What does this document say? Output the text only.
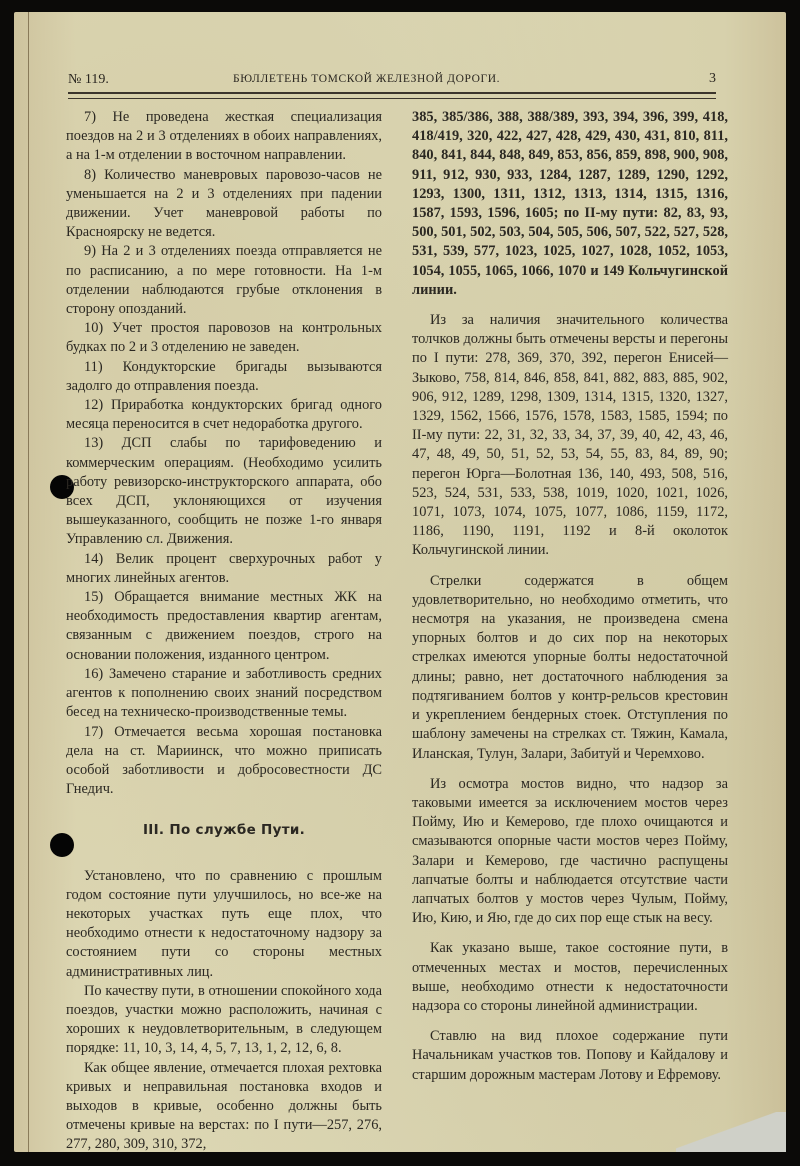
№ 119.	БЮЛЛЕТЕНЬ ТОМСКОЙ ЖЕЛЕЗНОЙ ДОРОГИ.	3

7) Не проведена жесткая специализация поездов на 2 и 3 отделениях в обоих направлениях, а на 1-м отделении в восточном направлении.

8) Количество маневровых паровозо-часов не уменьшается на 2 и 3 отделениях при падении движении. Учет маневровой работы по Красноярску не ведется.

9) На 2 и 3 отделениях поезда отправляется не по расписанию, а по мере готовности. На 1-м отделении наблюдаются грубые отклонения в сторону опозданий.

10) Учет простоя паровозов на контрольных будках по 2 и 3 отделению не заведен.

11) Кондукторские бригады вызываются задолго до отправления поезда.

12) Приработка кондукторских бригад одного месяца переносится в счет недоработка другого.

13) ДСП слабы по тарифоведению и коммерческим операциям. (Необходимо усилить работу ревизорско-инструкторского аппарата, обо всех ДСП, уклоняющихся от изучения вышеуказанного, сообщить не позже 1-го января Управлению сл. Движения.

14) Велик процент сверхурочных работ у многих линейных агентов.

15) Обращается внимание местных ЖК на необходимость предоставления квартир агентам, связанным с движением поездов, строго на основании положения, изданного центром.

16) Замечено старание и заботливость средних агентов к пополнению своих знаний посредством бесед на техническо-производственные темы.

17) Отмечается весьма хорошая постановка дела на ст. Мариинск, что можно приписать особой заботливости и добросовестности ДС Гнедич.

III. По службе Пути.

Установлено, что по сравнению с прошлым годом состояние пути улучшилось, но все-же на некоторых участках путь еще плох, что необходимо отнести к недостаточному надзору за состоянием пути со стороны местных административных лиц.

По качеству пути, в отношении спокойного хода поездов, участки можно расположить, начиная с хороших к неудовлетворительным, в следующем порядке: 11, 10, 3, 14, 4, 5, 7, 13, 1, 2, 12, 6, 8.

Как общее явление, отмечается плохая рехтовка кривых и неправильная постановка входов и выходов в кривые, особенно должны быть отмечены кривые на верстах: по I пути—257, 276, 277, 280, 309, 310, 372,

385, 385/386, 388, 388/389, 393, 394, 396, 399, 418, 418/419, 320, 422, 427, 428, 429, 430, 431, 810, 811, 840, 841, 844, 848, 849, 853, 856, 859, 898, 900, 908, 911, 912, 930, 933, 1284, 1287, 1289, 1290, 1292, 1293, 1300, 1311, 1312, 1313, 1314, 1315, 1316, 1587, 1593, 1596, 1605; по II-му пути: 82, 83, 93, 500, 501, 502, 503, 504, 505, 506, 507, 522, 527, 528, 531, 539, 577, 1023, 1025, 1027, 1028, 1052, 1053, 1054, 1055, 1065, 1066, 1070 и 149 Кольчугинской линии.

Из за наличия значительного количества толчков должны быть отмечены версты и перегоны по I пути: 278, 369, 370, 392, перегон Енисей—Зыково, 758, 814, 846, 858, 841, 882, 883, 885, 902, 906, 912, 1289, 1298, 1309, 1314, 1315, 1320, 1327, 1329, 1562, 1566, 1576, 1578, 1583, 1585, 1594; по II-му пути: 22, 31, 32, 33, 34, 37, 39, 40, 42, 43, 46, 47, 48, 49, 50, 51, 52, 53, 54, 55, 83, 84, 89, 90; перегон Юрга—Болотная 136, 140, 493, 508, 516, 523, 524, 531, 533, 538, 1019, 1020, 1021, 1026, 1071, 1073, 1074, 1075, 1077, 1086, 1159, 1172, 1186, 1190, 1191, 1192 и 8-й околоток Кольчугинской линии.

Стрелки содержатся в общем удовлетворительно, но необходимо отметить, что несмотря на указания, не произведена смена упорных болтов и до сих пор на некоторых стрелках имеются упорные болты недостаточной длины; равно, нет достаточного наблюдения за подтягиванием болтов у контр-рельсов крестовин и укреплением бендерных стоек. Отступления по шаблону замечены на стрелках ст. Тяжин, Камала, Иланская, Тулун, Залари, Забитуй и Черемхово.

Из осмотра мостов видно, что надзор за таковыми имеется за исключением мостов через Пойму, Ию и Кемерово, где плохо очищаются и смазываются опорные части мостов через Пойму, Залари и Кемерово, где частично распущены лапчатые болты и наблюдается отсутствие части лапчатых болтов у мостов через Чулым, Пойму, Ию, Кию, и Яю, где до сих пор еще стык на весу.

Как указано выше, такое состояние пути, в отмеченных местах и мостов, перечисленных выше, необходимо отнести к недостаточности надзора со стороны линейной администрации.

Ставлю на вид плохое содержание пути Начальникам участков тов. Попову и Кайдалову и старшим дорожным мастерам Лотову и Ефремову.
